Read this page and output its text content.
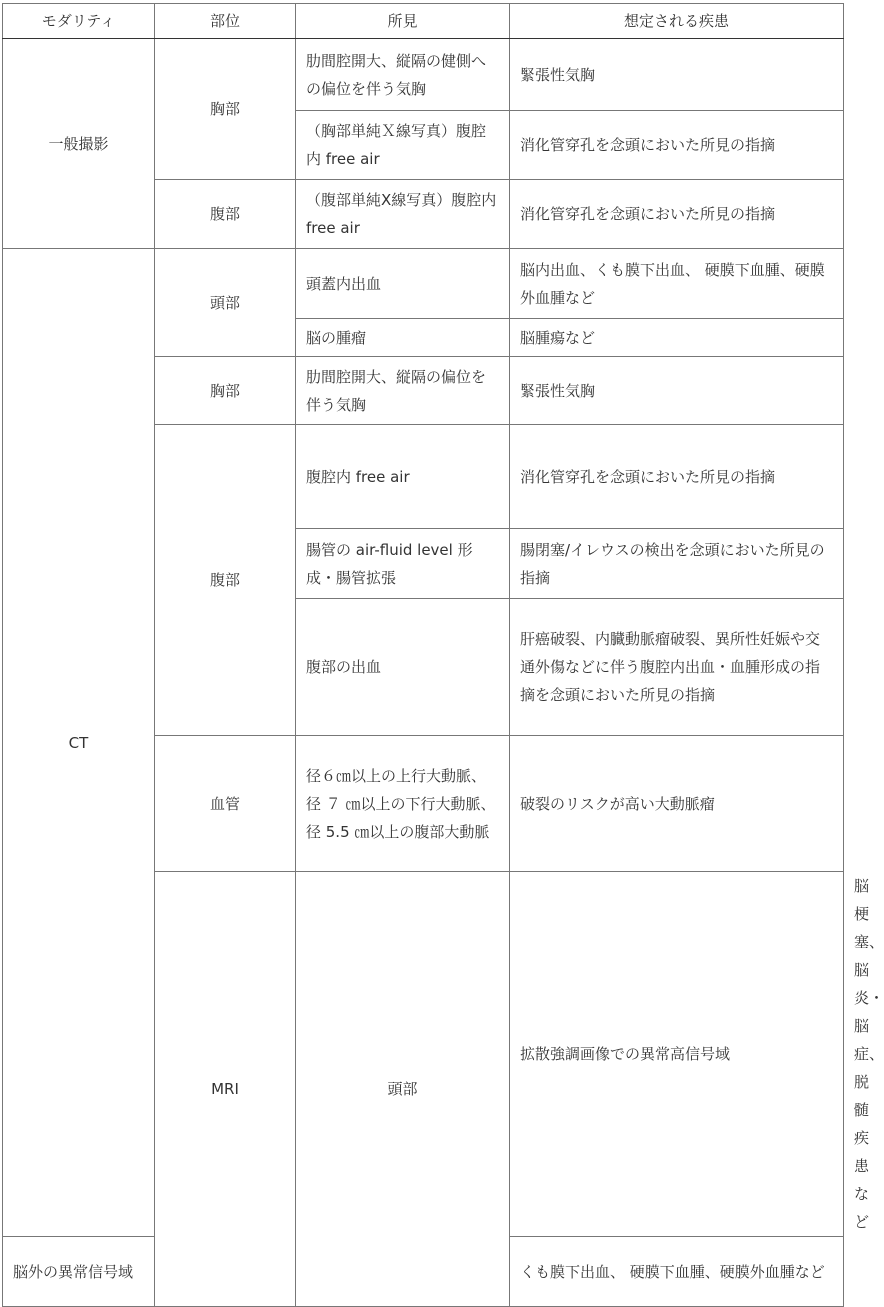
モダリティ	部位	所見	想定される疾患	
一般撮影	胸部	肋間腔開大、縦隔の健側への偏位を伴う気胸	緊張性気胸	
		（胸部単純Ｘ線写真）腹腔内 free air	消化管穿孔を念頭においた所見の指摘	
	腹部	（腹部単純X線写真）腹腔内 free air	消化管穿孔を念頭においた所見の指摘	
CT	頭部	頭蓋内出血	脳内出血、くも膜下出血、 硬膜下血腫、硬膜外血腫など	
		脳の腫瘤	脳腫瘍など	
	胸部	肋間腔開大、縦隔の偏位を伴う気胸	緊張性気胸	
	腹部	腹腔内 free air	消化管穿孔を念頭においた所見の指摘	
		腸管の air-fluid level 形成・腸管拡張	腸閉塞/イレウスの検出を念頭においた所見の指摘	
		腹部の出血	肝癌破裂、内臓動脈瘤破裂、異所性妊娠や交通外傷などに伴う腹腔内出血・血腫形成の指摘を念頭においた所見の指摘	
	血管	径６㎝以上の上行大動脈、径 ７ ㎝以上の下行大動脈、径 5.5 ㎝以上の腹部大動脈	破裂のリスクが高い大動脈瘤	
	MRI	頭部	拡散強調画像での異常高信号域	脳梗塞、脳炎・脳症、脱髄疾患など
脳外の異常信号域			くも膜下出血、 硬膜下血腫、硬膜外血腫など	
